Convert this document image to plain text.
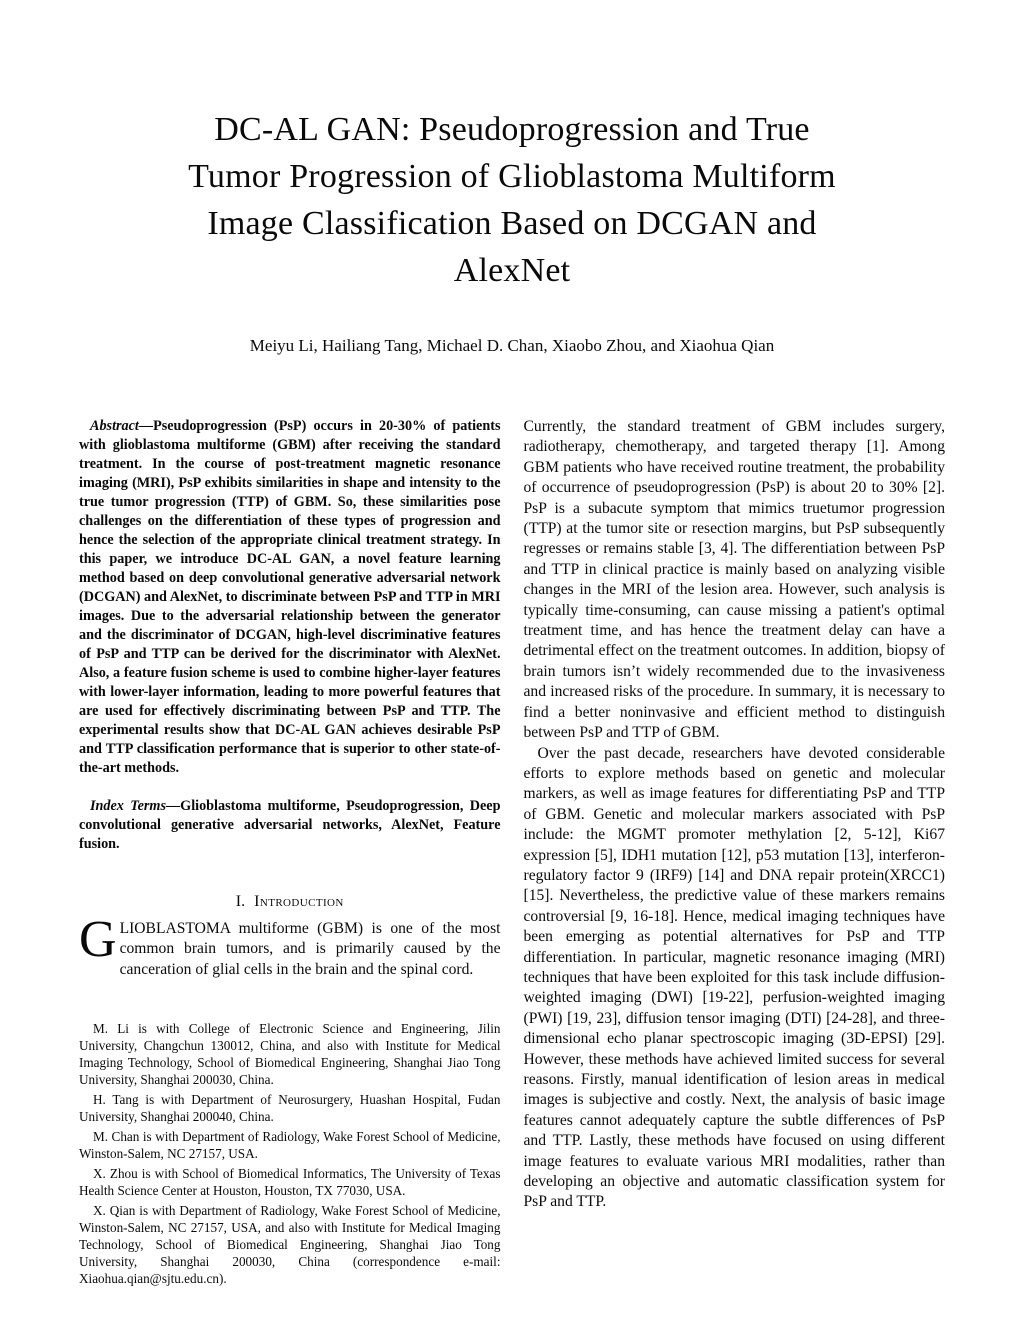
DC-AL GAN: Pseudoprogression and True
Tumor Progression of Glioblastoma Multiform
Image Classification Based on DCGAN and
AlexNet
Meiyu Li, Hailiang Tang, Michael D. Chan, Xiaobo Zhou, and Xiaohua Qian

Abstract—Pseudoprogression (PsP) occurs in 20-30% of patients with glioblastoma multiforme (GBM) after receiving the standard treatment. In the course of post-treatment magnetic resonance imaging (MRI), PsP exhibits similarities in shape and intensity to the true tumor progression (TTP) of GBM. So, these similarities pose challenges on the differentiation of these types of progression and hence the selection of the appropriate clinical treatment strategy. In this paper, we introduce DC-AL GAN, a novel feature learning method based on deep convolutional generative adversarial network (DCGAN) and AlexNet, to discriminate between PsP and TTP in MRI images. Due to the adversarial relationship between the generator and the discriminator of DCGAN, high-level discriminative features of PsP and TTP can be derived for the discriminator with AlexNet. Also, a feature fusion scheme is used to combine higher-layer features with lower-layer information, leading to more powerful features that are used for effectively discriminating between PsP and TTP. The experimental results show that DC-AL GAN achieves desirable PsP and TTP classification performance that is superior to other state-of-the-art methods.

Index Terms—Glioblastoma multiforme, Pseudoprogression, Deep convolutional generative adversarial networks, AlexNet, Feature fusion.

I. Introduction

GLIOBLASTOMA multiforme (GBM) is one of the most common brain tumors, and is primarily caused by the canceration of glial cells in the brain and the spinal cord.

M. Li is with College of Electronic Science and Engineering, Jilin University, Changchun 130012, China, and also with Institute for Medical Imaging Technology, School of Biomedical Engineering, Shanghai Jiao Tong University, Shanghai 200030, China.

H. Tang is with Department of Neurosurgery, Huashan Hospital, Fudan University, Shanghai 200040, China.

M. Chan is with Department of Radiology, Wake Forest School of Medicine, Winston-Salem, NC 27157, USA.

X. Zhou is with School of Biomedical Informatics, The University of Texas Health Science Center at Houston, Houston, TX 77030, USA.

X. Qian is with Department of Radiology, Wake Forest School of Medicine, Winston-Salem, NC 27157, USA, and also with Institute for Medical Imaging Technology, School of Biomedical Engineering, Shanghai Jiao Tong University, Shanghai 200030, China (correspondence e-mail: Xiaohua.qian@sjtu.edu.cn).

Currently, the standard treatment of GBM includes surgery, radiotherapy, chemotherapy, and targeted therapy [1]. Among GBM patients who have received routine treatment, the probability of occurrence of pseudoprogression (PsP) is about 20 to 30% [2]. PsP is a subacute symptom that mimics truetumor progression (TTP) at the tumor site or resection margins, but PsP subsequently regresses or remains stable [3, 4]. The differentiation between PsP and TTP in clinical practice is mainly based on analyzing visible changes in the MRI of the lesion area. However, such analysis is typically time-consuming, can cause missing a patient's optimal treatment time, and has hence the treatment delay can have a detrimental effect on the treatment outcomes. In addition, biopsy of brain tumors isn’t widely recommended due to the invasiveness and increased risks of the procedure. In summary, it is necessary to find a better noninvasive and efficient method to distinguish between PsP and TTP of GBM.

Over the past decade, researchers have devoted considerable efforts to explore methods based on genetic and molecular markers, as well as image features for differentiating PsP and TTP of GBM. Genetic and molecular markers associated with PsP include: the MGMT promoter methylation [2, 5-12], Ki67 expression [5], IDH1 mutation [12], p53 mutation [13], interferon-regulatory factor 9 (IRF9) [14] and DNA repair protein(XRCC1) [15]. Nevertheless, the predictive value of these markers remains controversial [9, 16-18]. Hence, medical imaging techniques have been emerging as potential alternatives for PsP and TTP differentiation. In particular, magnetic resonance imaging (MRI) techniques that have been exploited for this task include diffusion-weighted imaging (DWI) [19-22], perfusion-weighted imaging (PWI) [19, 23], diffusion tensor imaging (DTI) [24-28], and three-dimensional echo planar spectroscopic imaging (3D-EPSI) [29]. However, these methods have achieved limited success for several reasons. Firstly, manual identification of lesion areas in medical images is subjective and costly. Next, the analysis of basic image features cannot adequately capture the subtle differences of PsP and TTP. Lastly, these methods have focused on using different image features to evaluate various MRI modalities, rather than developing an objective and automatic classification system for PsP and TTP.
